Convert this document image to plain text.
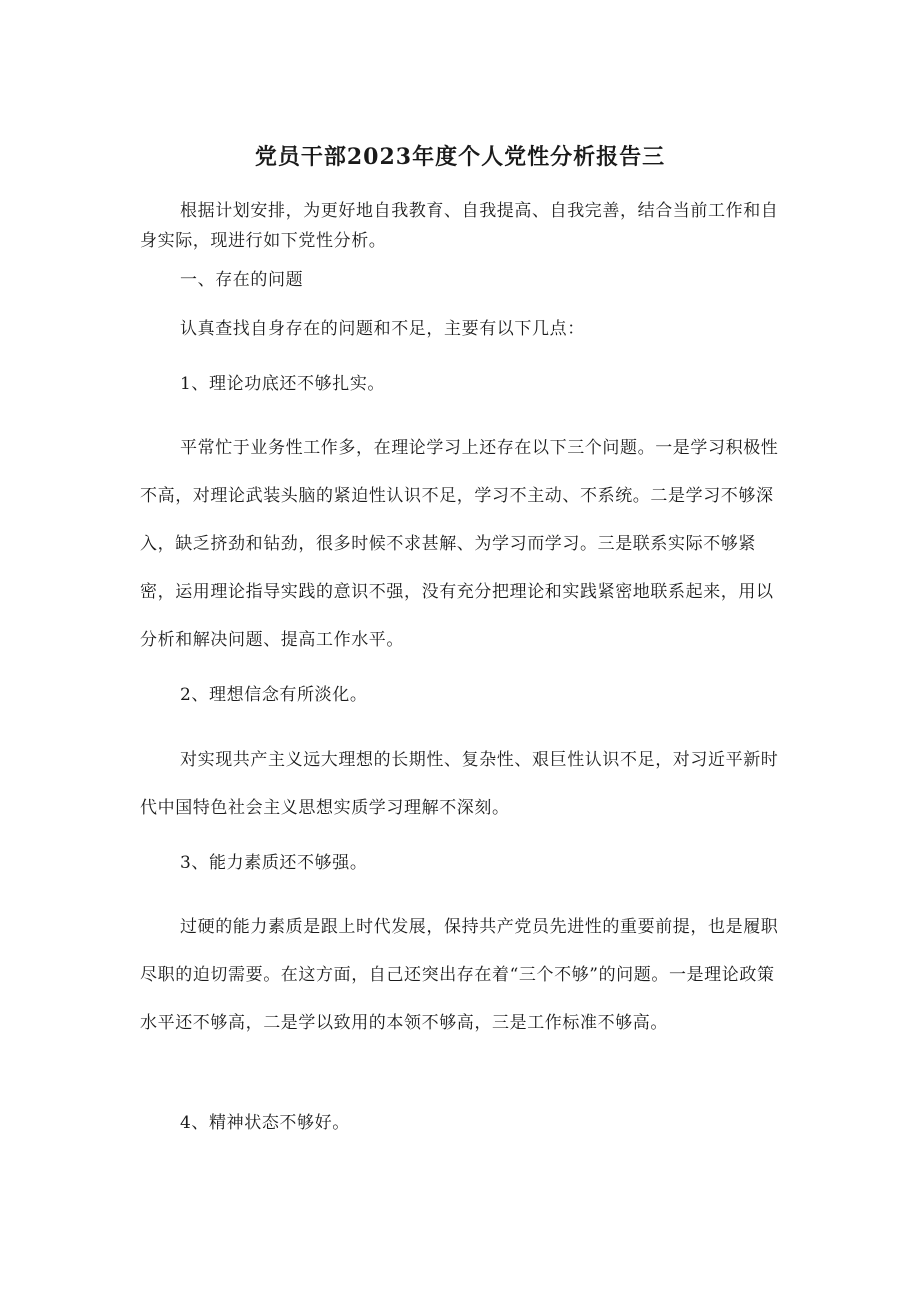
党员干部2023年度个人党性分析报告三

根据计划安排，为更好地自我教育、自我提高、自我完善，结合当前工作和自身实际，现进行如下党性分析。

一、存在的问题

认真查找自身存在的问题和不足，主要有以下几点：

1、理论功底还不够扎实。

平常忙于业务性工作多，在理论学习上还存在以下三个问题。一是学习积极性不高，对理论武装头脑的紧迫性认识不足，学习不主动、不系统。二是学习不够深入，缺乏挤劲和钻劲，很多时候不求甚解、为学习而学习。三是联系实际不够紧密，运用理论指导实践的意识不强，没有充分把理论和实践紧密地联系起来，用以分析和解决问题、提高工作水平。

2、理想信念有所淡化。

对实现共产主义远大理想的长期性、复杂性、艰巨性认识不足，对习近平新时代中国特色社会主义思想实质学习理解不深刻。

3、能力素质还不够强。

过硬的能力素质是跟上时代发展，保持共产党员先进性的重要前提，也是履职尽职的迫切需要。在这方面，自己还突出存在着“三个不够”的问题。一是理论政策水平还不够高，二是学以致用的本领不够高，三是工作标准不够高。

4、精神状态不够好。
